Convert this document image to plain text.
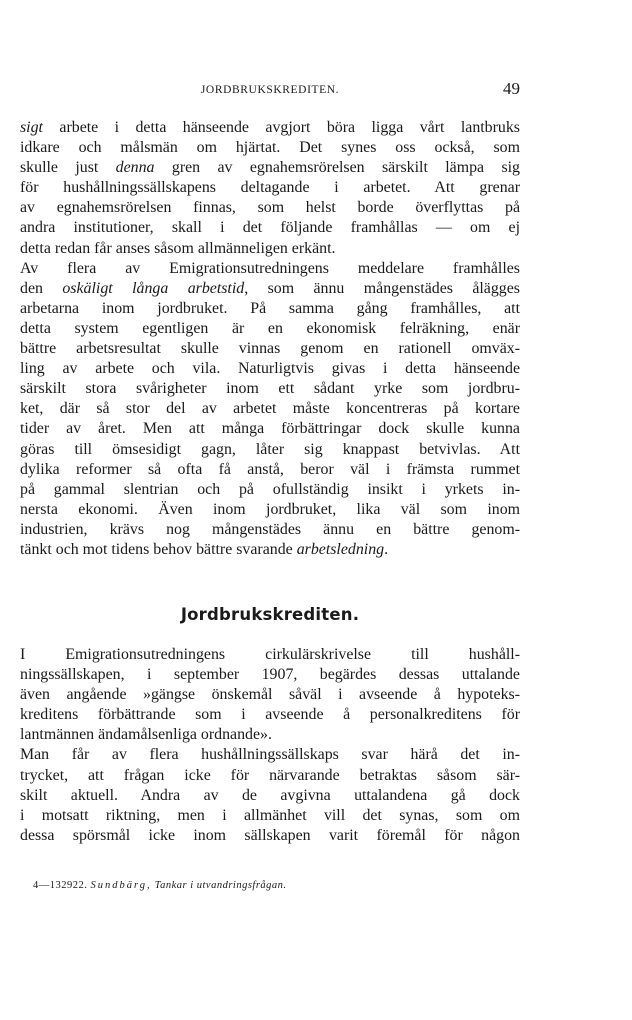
JORDBRUKSKREDITEN.	49
sigt arbete i detta hänseende avgjort böra ligga vårt lantbruks
idkare och målsmän om hjärtat. Det synes oss också, som
skulle just denna gren av egnahemsrörelsen särskilt lämpa sig
för hushållningssällskapens deltagande i arbetet. Att grenar
av egnahemsrörelsen finnas, som helst borde överflyttas på
andra institutioner, skall i det följande framhållas — om ej
detta redan får anses såsom allmänneligen erkänt.
Av flera av Emigrationsutredningens meddelare framhålles
den oskäligt långa arbetstid, som ännu mångenstädes ålägges
arbetarna inom jordbruket. På samma gång framhålles, att
detta system egentligen är en ekonomisk felräkning, enär
bättre arbetsresultat skulle vinnas genom en rationell omväx-
ling av arbete och vila. Naturligtvis givas i detta hänseende
särskilt stora svårigheter inom ett sådant yrke som jordbru-
ket, där så stor del av arbetet måste koncentreras på kortare
tider av året. Men att många förbättringar dock skulle kunna
göras till ömsesidigt gagn, låter sig knappast betvivlas. Att
dylika reformer så ofta få anstå, beror väl i främsta rummet
på gammal slentrian och på ofullständig insikt i yrkets in-
nersta ekonomi. Även inom jordbruket, lika väl som inom
industrien, krävs nog mångenstädes ännu en bättre genom-
tänkt och mot tidens behov bättre svarande arbetsledning.
Jordbrukskrediten.
I Emigrationsutredningens cirkulärskrivelse till hushåll-
ningssällskapen, i september 1907, begärdes dessas uttalande
även angående »gängse önskemål såväl i avseende å hypoteks-
kreditens förbättrande som i avseende å personalkreditens för
lantmännen ändamålsenliga ordnande».
Man får av flera hushållningssällskaps svar härå det in-
trycket, att frågan icke för närvarande betraktas såsom sär-
skilt aktuell. Andra av de avgivna uttalandena gå dock
i motsatt riktning, men i allmänhet vill det synas, som om
dessa spörsmål icke inom sällskapen varit föremål för någon
4—132922. Sundbärg, Tankar i utvandringsfrågan.
